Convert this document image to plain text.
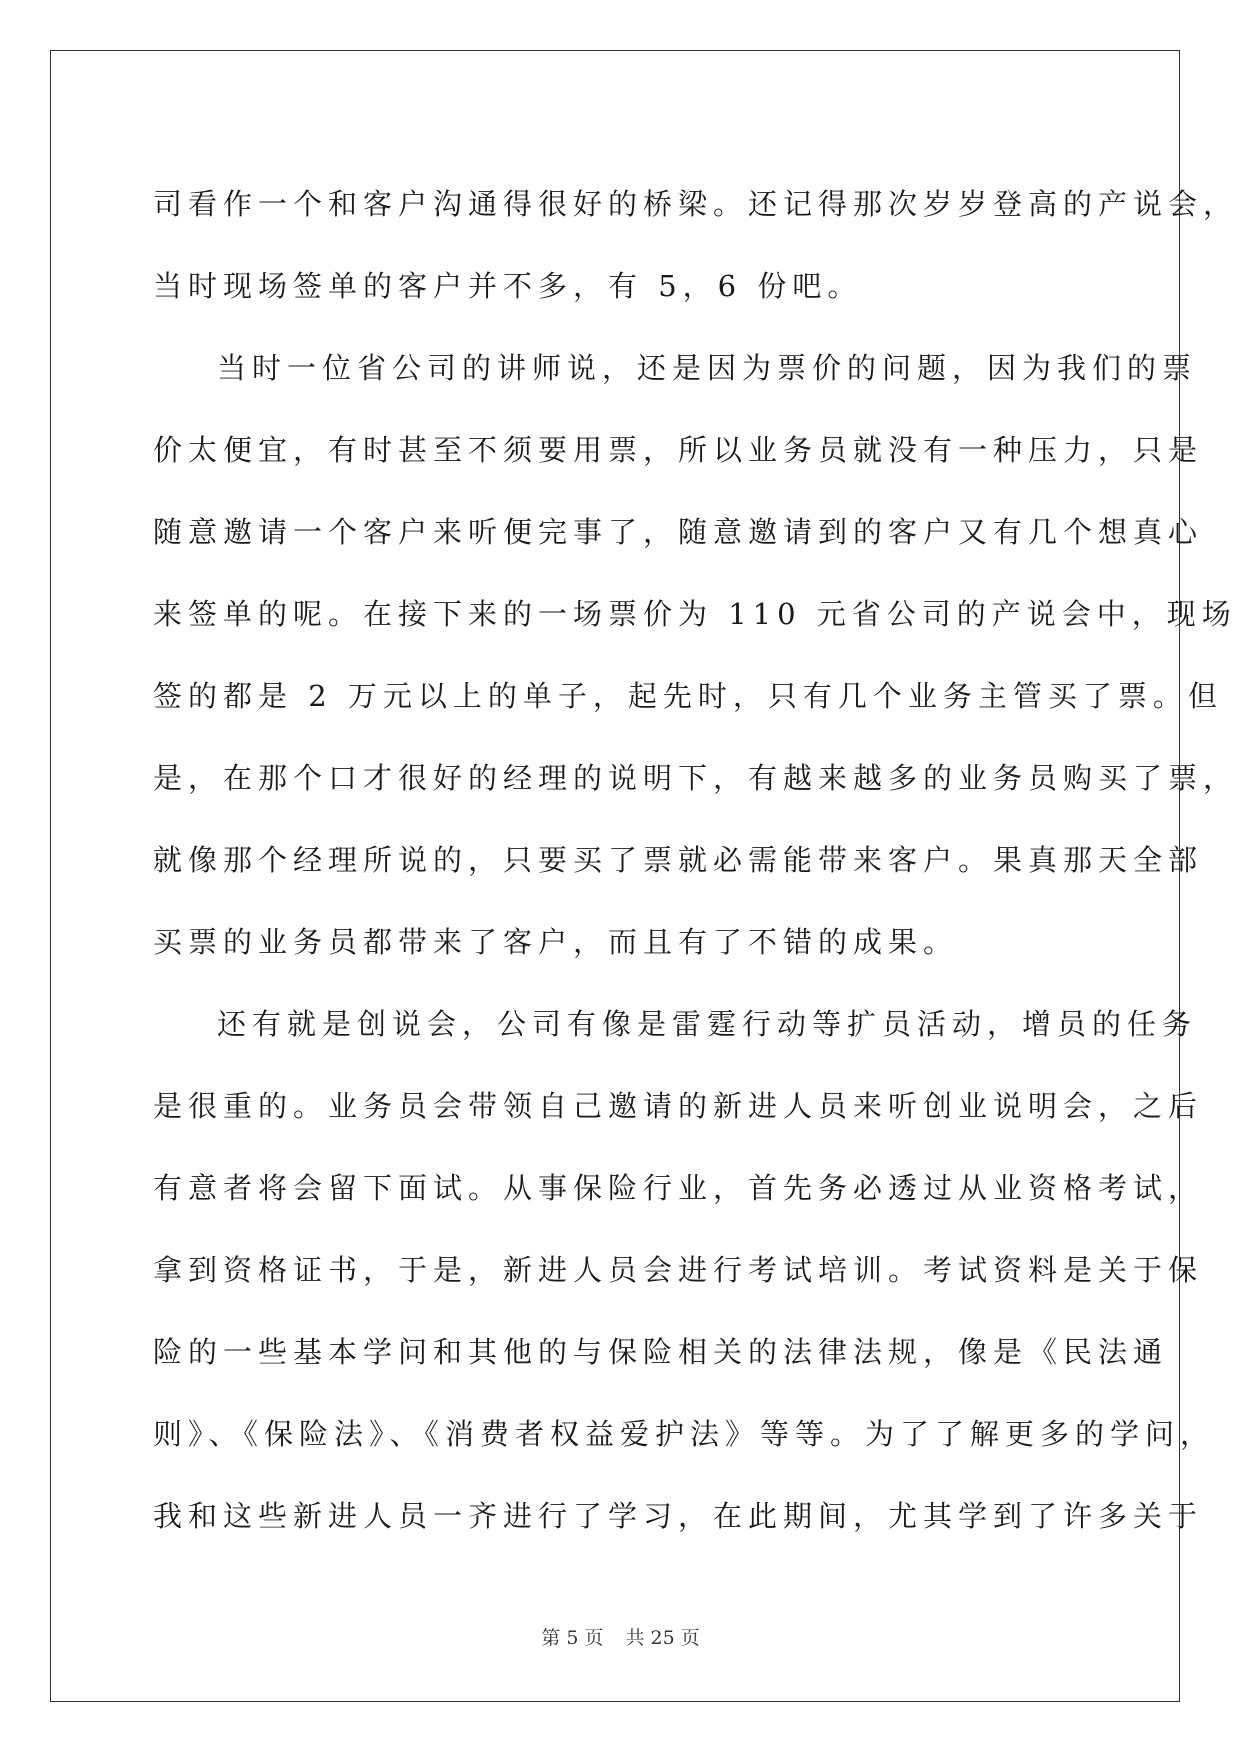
司看作一个和客户沟通得很好的桥梁。还记得那次岁岁登高的产说会，
当时现场签单的客户并不多，有 5，6 份吧。
当时一位省公司的讲师说，还是因为票价的问题，因为我们的票
价太便宜，有时甚至不须要用票，所以业务员就没有一种压力，只是
随意邀请一个客户来听便完事了，随意邀请到的客户又有几个想真心
来签单的呢。在接下来的一场票价为 110 元省公司的产说会中，现场
签的都是 2 万元以上的单子，起先时，只有几个业务主管买了票。但
是，在那个口才很好的经理的说明下，有越来越多的业务员购买了票，
就像那个经理所说的，只要买了票就必需能带来客户。果真那天全部
买票的业务员都带来了客户，而且有了不错的成果。
还有就是创说会，公司有像是雷霆行动等扩员活动，增员的任务
是很重的。业务员会带领自己邀请的新进人员来听创业说明会，之后
有意者将会留下面试。从事保险行业，首先务必透过从业资格考试，
拿到资格证书，于是，新进人员会进行考试培训。考试资料是关于保
险的一些基本学问和其他的与保险相关的法律法规，像是《民法通
则》、《保险法》、《消费者权益爱护法》等等。为了了解更多的学问，
我和这些新进人员一齐进行了学习，在此期间，尤其学到了许多关于
第 5 页 共 25 页
